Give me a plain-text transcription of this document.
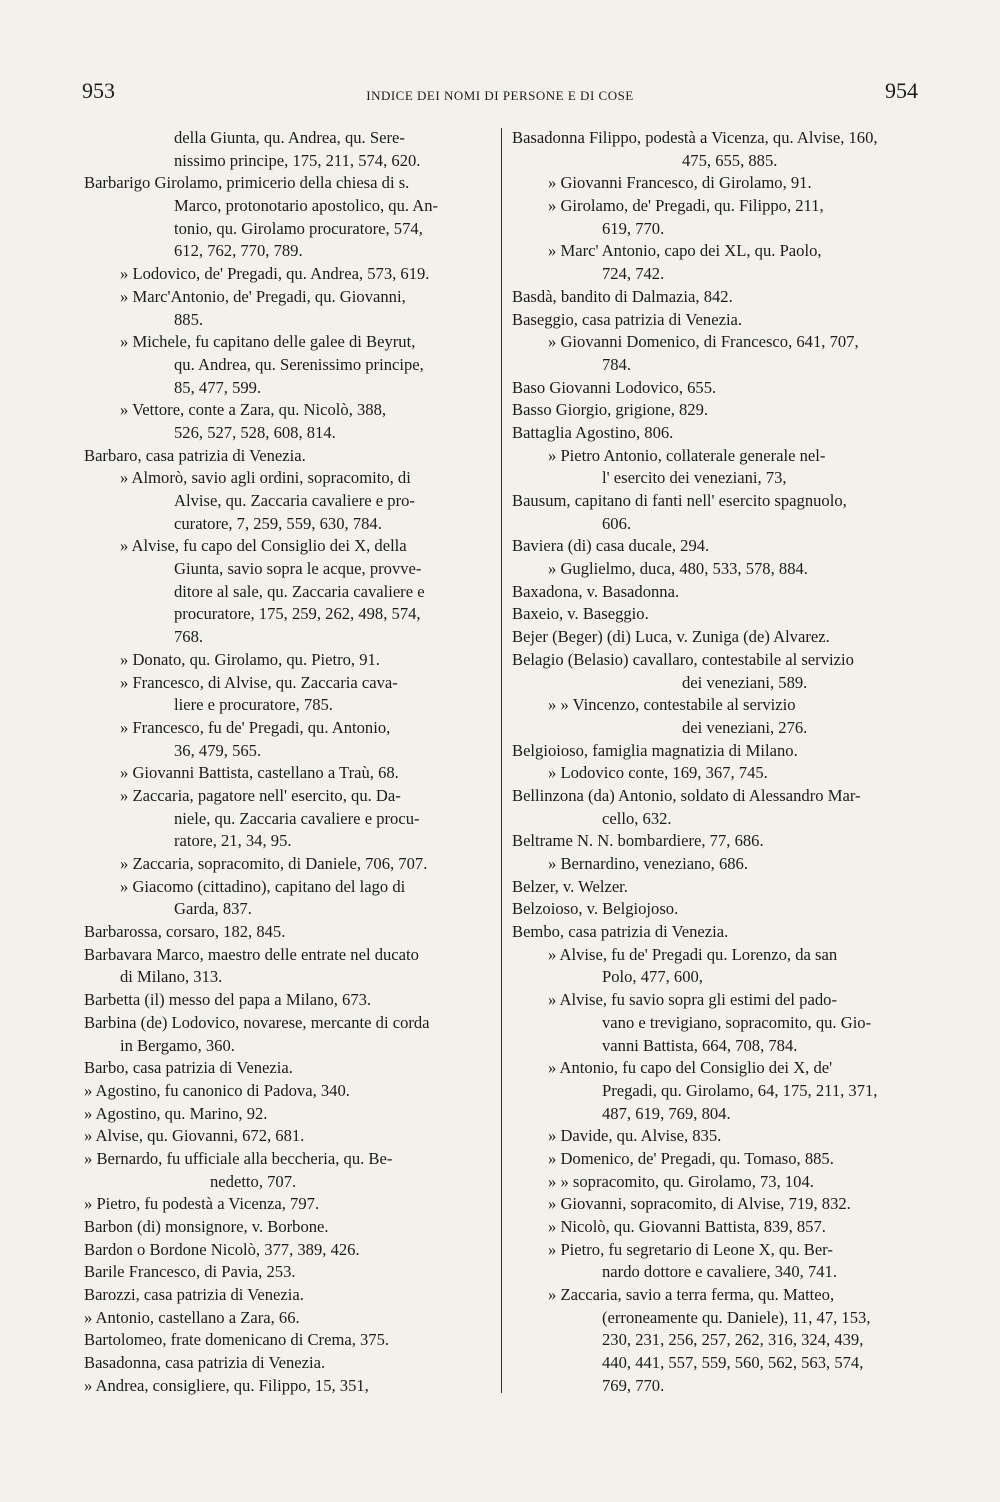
953	INDICE DEI NOMI DI PERSONE E DI COSE	954
della Giunta, qu. Andrea, qu. Sere-
nissimo principe, 175, 211, 574, 620.
Barbarigo Girolamo, primicerio della chiesa di s.
Marco, protonotario apostolico, qu. An-
tonio, qu. Girolamo procuratore, 574,
612, 762, 770, 789.
» Lodovico, de' Pregadi, qu. Andrea, 573, 619.
» Marc'Antonio, de' Pregadi, qu. Giovanni,
885.
» Michele, fu capitano delle galee di Beyrut,
qu. Andrea, qu. Serenissimo principe,
85, 477, 599.
» Vettore, conte a Zara, qu. Nicolò, 388,
526, 527, 528, 608, 814.
Barbaro, casa patrizia di Venezia.
» Almorò, savio agli ordini, sopracomito, di
Alvise, qu. Zaccaria cavaliere e pro-
curatore, 7, 259, 559, 630, 784.
» Alvise, fu capo del Consiglio dei X, della
Giunta, savio sopra le acque, provve-
ditore al sale, qu. Zaccaria cavaliere e
procuratore, 175, 259, 262, 498, 574,
768.
» Donato, qu. Girolamo, qu. Pietro, 91.
» Francesco, di Alvise, qu. Zaccaria cava-
liere e procuratore, 785.
» Francesco, fu de' Pregadi, qu. Antonio,
36, 479, 565.
» Giovanni Battista, castellano a Traù, 68.
» Zaccaria, pagatore nell' esercito, qu. Da-
niele, qu. Zaccaria cavaliere e procu-
ratore, 21, 34, 95.
» Zaccaria, sopracomito, di Daniele, 706, 707.
» Giacomo (cittadino), capitano del lago di
Garda, 837.
Barbarossa, corsaro, 182, 845.
Barbavara Marco, maestro delle entrate nel ducato
di Milano, 313.
Barbetta (il) messo del papa a Milano, 673.
Barbina (de) Lodovico, novarese, mercante di corda
in Bergamo, 360.
Barbo, casa patrizia di Venezia.
» Agostino, fu canonico di Padova, 340.
» Agostino, qu. Marino, 92.
» Alvise, qu. Giovanni, 672, 681.
» Bernardo, fu ufficiale alla beccheria, qu. Be-
nedetto, 707.
» Pietro, fu podestà a Vicenza, 797.
Barbon (di) monsignore, v. Borbone.
Bardon o Bordone Nicolò, 377, 389, 426.
Barile Francesco, di Pavia, 253.
Barozzi, casa patrizia di Venezia.
» Antonio, castellano a Zara, 66.
Bartolomeo, frate domenicano di Crema, 375.
Basadonna, casa patrizia di Venezia.
» Andrea, consigliere, qu. Filippo, 15, 351,
Basadonna Filippo, podestà a Vicenza, qu. Alvise, 160,
475, 655, 885.
» Giovanni Francesco, di Girolamo, 91.
» Girolamo, de' Pregadi, qu. Filippo, 211,
619, 770.
» Marc' Antonio, capo dei XL, qu. Paolo,
724, 742.
Basdà, bandito di Dalmazia, 842.
Baseggio, casa patrizia di Venezia.
» Giovanni Domenico, di Francesco, 641, 707,
784.
Baso Giovanni Lodovico, 655.
Basso Giorgio, grigione, 829.
Battaglia Agostino, 806.
» Pietro Antonio, collaterale generale nel-
l' esercito dei veneziani, 73,
Bausum, capitano di fanti nell' esercito spagnuolo,
606.
Baviera (di) casa ducale, 294.
» Guglielmo, duca, 480, 533, 578, 884.
Baxadona, v. Basadonna.
Baxeio, v. Baseggio.
Bejer (Beger) (di) Luca, v. Zuniga (de) Alvarez.
Belagio (Belasio) cavallaro, contestabile al servizio
dei veneziani, 589.
» » Vincenzo, contestabile al servizio
dei veneziani, 276.
Belgioioso, famiglia magnatizia di Milano.
» Lodovico conte, 169, 367, 745.
Bellinzona (da) Antonio, soldato di Alessandro Mar-
cello, 632.
Beltrame N. N. bombardiere, 77, 686.
» Bernardino, veneziano, 686.
Belzer, v. Welzer.
Belzoioso, v. Belgiojoso.
Bembo, casa patrizia di Venezia.
» Alvise, fu de' Pregadi qu. Lorenzo, da san
Polo, 477, 600,
» Alvise, fu savio sopra gli estimi del pado-
vano e trevigiano, sopracomito, qu. Gio-
vanni Battista, 664, 708, 784.
» Antonio, fu capo del Consiglio dei X, de'
Pregadi, qu. Girolamo, 64, 175, 211, 371,
487, 619, 769, 804.
» Davide, qu. Alvise, 835.
» Domenico, de' Pregadi, qu. Tomaso, 885.
» » sopracomito, qu. Girolamo, 73, 104.
» Giovanni, sopracomito, di Alvise, 719, 832.
» Nicolò, qu. Giovanni Battista, 839, 857.
» Pietro, fu segretario di Leone X, qu. Ber-
nardo dottore e cavaliere, 340, 741.
» Zaccaria, savio a terra ferma, qu. Matteo,
(erroneamente qu. Daniele), 11, 47, 153,
230, 231, 256, 257, 262, 316, 324, 439,
440, 441, 557, 559, 560, 562, 563, 574,
769, 770.
